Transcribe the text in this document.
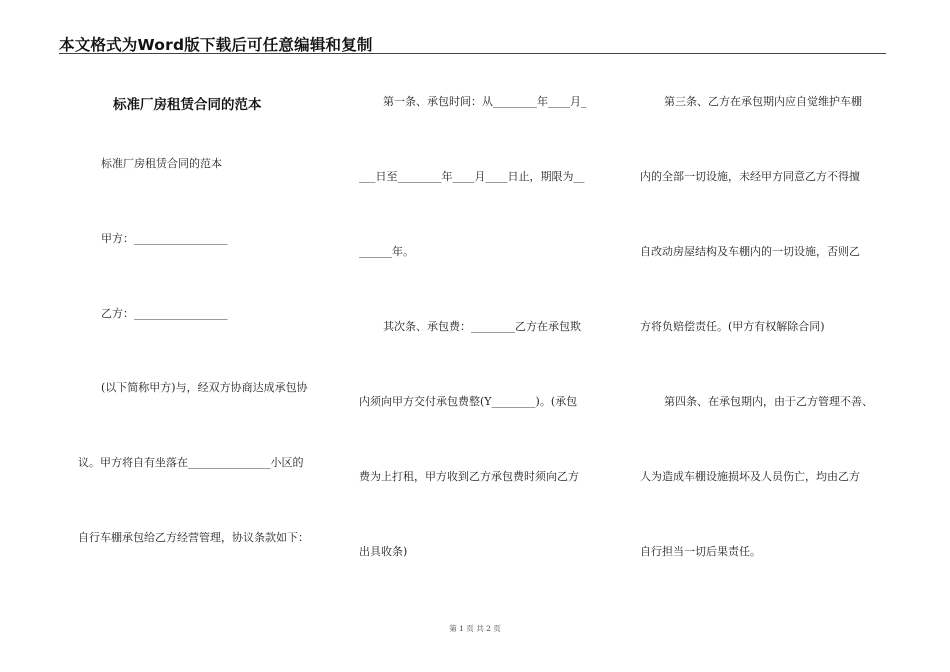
本文格式为Word版下载后可任意编辑和复制
标准厂房租赁合同的范本
标准厂房租赁合同的范本
甲方：_________________
乙方：_________________
(以下简称甲方)与，经双方协商达成承包协
议。甲方将自有坐落在_______________小区的
自行车棚承包给乙方经营管理，协议条款如下：
第一条、承包时间：从________年____月_
___日至________年____月____日止，期限为__
______年。
其次条、承包费：________乙方在承包欺
内须向甲方交付承包费整(Y________)。(承包
费为上打租，甲方收到乙方承包费时须向乙方
出具收条)
第三条、乙方在承包期内应自觉维护车棚
内的全部一切设施，未经甲方同意乙方不得擅
自改动房屋结构及车棚内的一切设施，否则乙
方将负赔偿责任。(甲方有权解除合同)
第四条、在承包期内，由于乙方管理不善、
人为造成车棚设施损坏及人员伤亡，均由乙方
自行担当一切后果责任。
第 1 页 共 2 页
